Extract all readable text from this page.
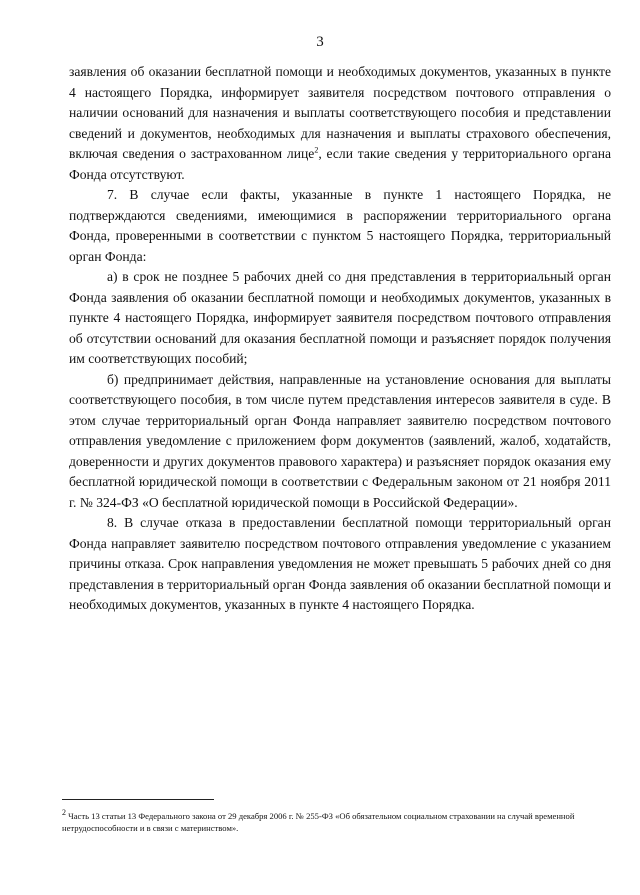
3

заявления об оказании бесплатной помощи и необходимых документов, указанных в пункте 4 настоящего Порядка, информирует заявителя посредством почтового отправления о наличии оснований для назначения и выплаты соответствующего пособия и представлении сведений и документов, необходимых для назначения и выплаты страхового обеспечения, включая сведения о застрахованном лице$^2$, если такие сведения у территориального органа Фонда отсутствуют.

7. В случае если факты, указанные в пункте 1 настоящего Порядка, не подтверждаются сведениями, имеющимися в распоряжении территориального органа Фонда, проверенными в соответствии с пунктом 5 настоящего Порядка, территориальный орган Фонда:

а) в срок не позднее 5 рабочих дней со дня представления в территориальный орган Фонда заявления об оказании бесплатной помощи и необходимых документов, указанных в пункте 4 настоящего Порядка, информирует заявителя посредством почтового отправления об отсутствии оснований для оказания бесплатной помощи и разъясняет порядок получения им соответствующих пособий;

б) предпринимает действия, направленные на установление основания для выплаты соответствующего пособия, в том числе путем представления интересов заявителя в суде. В этом случае территориальный орган Фонда направляет заявителю посредством почтового отправления уведомление с приложением форм документов (заявлений, жалоб, ходатайств, доверенности и других документов правового характера) и разъясняет порядок оказания ему бесплатной юридической помощи в соответствии с Федеральным законом от 21 ноября 2011 г. № 324-ФЗ «О бесплатной юридической помощи в Российской Федерации».

8. В случае отказа в предоставлении бесплатной помощи территориальный орган Фонда направляет заявителю посредством почтового отправления уведомление с указанием причины отказа. Срок направления уведомления не может превышать 5 рабочих дней со дня представления в территориальный орган Фонда заявления об оказании бесплатной помощи и необходимых документов, указанных в пункте 4 настоящего Порядка.

$^2$ Часть 13 статьи 13 Федерального закона от 29 декабря 2006 г. № 255-ФЗ «Об обязательном социальном страховании на случай временной нетрудоспособности и в связи с материнством».
